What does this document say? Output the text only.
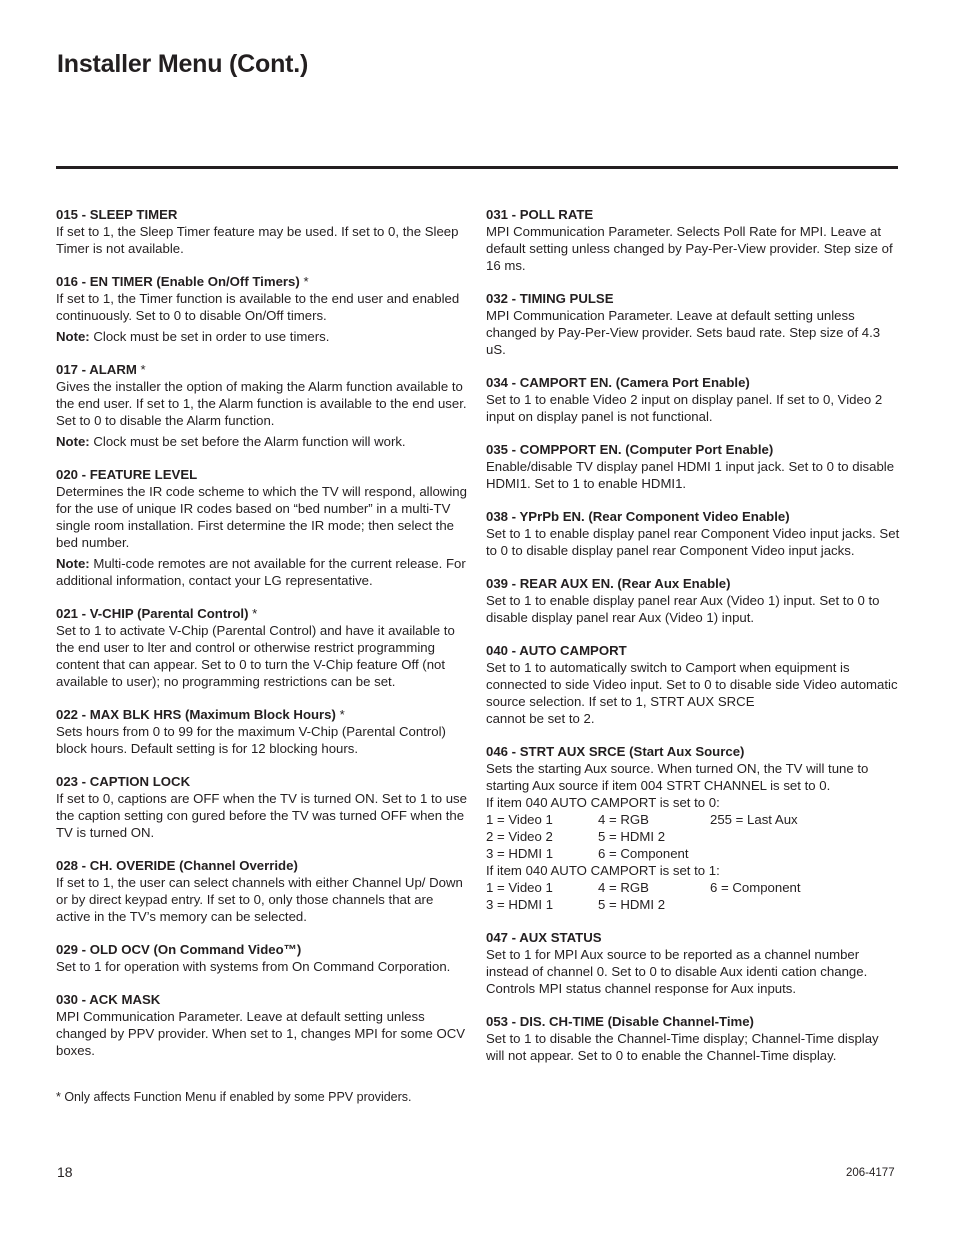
Installer Menu (Cont.)
015 - SLEEP TIMER

If set to 1, the Sleep Timer feature may be used. If set to 0, the Sleep Timer is not available.

016 - EN TIMER (Enable On/Off Timers) *

If set to 1, the Timer function is available to the end user and enabled continuously. Set to 0 to disable On/Off timers.

Note: Clock must be set in order to use timers.

017 - ALARM *

Gives the installer the option of making the Alarm function available to the end user. If set to 1, the Alarm function is available to the end user. Set to 0 to disable the Alarm function.

Note: Clock must be set before the Alarm function will work.

020 - FEATURE LEVEL

Determines the IR code scheme to which the TV will respond, allowing for the use of unique IR codes based on “bed number” in a multi-TV single room installation. First determine the IR mode; then select the bed number.

Note: Multi-code remotes are not available for the current release. For additional information, contact your LG representative.

021 - V-CHIP (Parental Control) *

Set to 1 to activate V-Chip (Parental Control) and have it available to the end user to lter and control or otherwise restrict programming content that can appear. Set to 0 to turn the V-Chip feature Off (not available to user); no programming restrictions can be set.

022 - MAX BLK HRS (Maximum Block Hours) *

Sets hours from 0 to 99 for the maximum V-Chip (Parental Control) block hours. Default setting is for 12 blocking hours.

023 - CAPTION LOCK

If set to 0, captions are OFF when the TV is turned ON. Set to 1 to use the caption setting con gured before the TV was turned OFF when the TV is turned ON.

028 - CH. OVERIDE (Channel Override)

If set to 1, the user can select channels with either Channel Up/ Down or by direct keypad entry. If set to 0, only those channels that are active in the TV’s memory can be selected.

029 - OLD OCV (On Command Video™)

Set to 1 for operation with systems from On Command Corporation.

030 - ACK MASK

MPI Communication Parameter. Leave at default setting unless changed by PPV provider. When set to 1, changes MPI for some OCV boxes.

031 - POLL RATE

MPI Communication Parameter. Selects Poll Rate for MPI. Leave at default setting unless changed by Pay-Per-View provider. Step size of 16 ms.

032 - TIMING PULSE

MPI Communication Parameter. Leave at default setting unless changed by Pay-Per-View provider. Sets baud rate. Step size of 4.3 uS.

034 - CAMPORT EN. (Camera Port Enable)

Set to 1 to enable Video 2 input on display panel. If set to 0, Video 2 input on display panel is not functional.

035 - COMPPORT EN. (Computer Port Enable)

Enable/disable TV display panel HDMI 1 input jack. Set to 0 to disable HDMI1. Set to 1 to enable HDMI1.

038 - YPrPb EN. (Rear Component Video Enable)

Set to 1 to enable display panel rear Component Video input jacks. Set to 0 to disable display panel rear Component Video input jacks.

039 - REAR AUX EN. (Rear Aux Enable)

Set to 1 to enable display panel rear Aux (Video 1) input. Set to 0 to disable display panel rear Aux (Video 1) input.

040 - AUTO CAMPORT

Set to 1 to automatically switch to Camport when equipment is connected to side Video input. Set to 0 to disable side Video automatic source selection. If set to 1, STRT AUX SRCE

cannot be set to 2.

046 - STRT AUX SRCE (Start Aux Source)

Sets the starting Aux source. When turned ON, the TV will tune to starting Aux source if item 004 STRT CHANNEL is set to 0.

If item 040 AUTO CAMPORT is set to 0:

1 = Video 1	4 = RGB	255 = Last Aux
2 = Video 2	5 = HDMI 2
3 = HDMI 1	6 = Component

If item 040 AUTO CAMPORT is set to 1:

1 = Video 1	4 = RGB	6 = Component
3 = HDMI 1	5 = HDMI 2
047 - AUX STATUS

Set to 1 for MPI Aux source to be reported as a channel number instead of channel 0. Set to 0 to disable Aux identi cation change. Controls MPI status channel response for Aux inputs.

053 - DIS. CH-TIME (Disable Channel-Time)

Set to 1 to disable the Channel-Time display; Channel-Time display will not appear. Set to 0 to enable the Channel-Time display.

* Only affects Function Menu if enabled by some PPV providers.
18	206-4177
